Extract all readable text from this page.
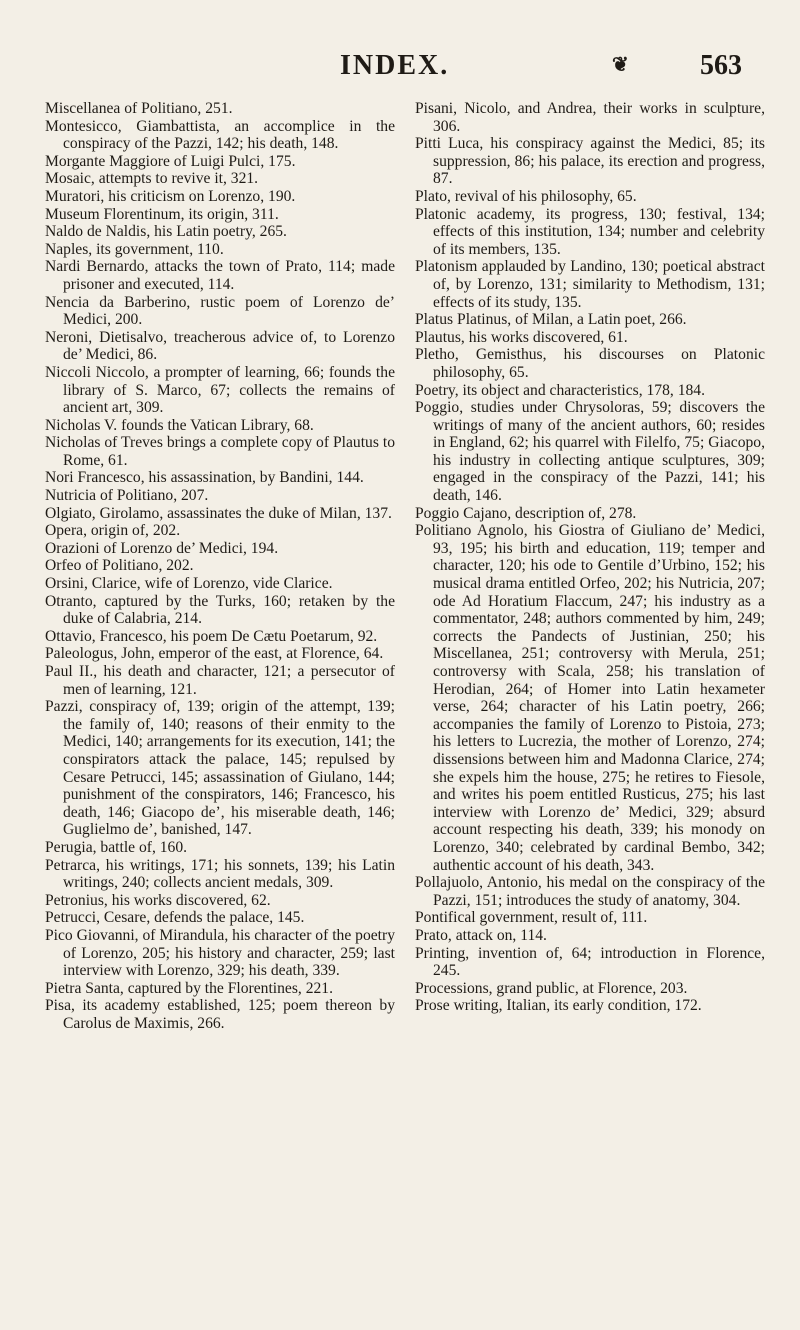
INDEX.	❦	563

Miscellanea of Politiano, 251.

Montesicco, Giambattista, an accomplice in the conspiracy of the Pazzi, 142; his death, 148.

Morgante Maggiore of Luigi Pulci, 175.

Mosaic, attempts to revive it, 321.

Muratori, his criticism on Lorenzo, 190.

Museum Florentinum, its origin, 311.

Naldo de Naldis, his Latin poetry, 265.

Naples, its government, 110.

Nardi Bernardo, attacks the town of Prato, 114; made prisoner and executed, 114.

Nencia da Barberino, rustic poem of Lorenzo de’ Medici, 200.

Neroni, Dietisalvo, treacherous advice of, to Lorenzo de’ Medici, 86.

Niccoli Niccolo, a prompter of learning, 66; founds the library of S. Marco, 67; collects the remains of ancient art, 309.

Nicholas V. founds the Vatican Library, 68.

Nicholas of Treves brings a complete copy of Plautus to Rome, 61.

Nori Francesco, his assassination, by Bandini, 144.

Nutricia of Politiano, 207.

Olgiato, Girolamo, assassinates the duke of Milan, 137.

Opera, origin of, 202.

Orazioni of Lorenzo de’ Medici, 194.

Orfeo of Politiano, 202.

Orsini, Clarice, wife of Lorenzo, vide Clarice.

Otranto, captured by the Turks, 160; retaken by the duke of Calabria, 214.

Ottavio, Francesco, his poem De Cætu Poetarum, 92.

Paleologus, John, emperor of the east, at Florence, 64.

Paul II., his death and character, 121; a persecutor of men of learning, 121.

Pazzi, conspiracy of, 139; origin of the attempt, 139; the family of, 140; reasons of their enmity to the Medici, 140; arrangements for its execution, 141; the conspirators attack the palace, 145; repulsed by Cesare Petrucci, 145; assassination of Giulano, 144; punishment of the conspirators, 146; Francesco, his death, 146; Giacopo de’, his miserable death, 146; Guglielmo de’, banished, 147.

Perugia, battle of, 160.

Petrarca, his writings, 171; his sonnets, 139; his Latin writings, 240; collects ancient medals, 309.

Petronius, his works discovered, 62.

Petrucci, Cesare, defends the palace, 145.

Pico Giovanni, of Mirandula, his character of the poetry of Lorenzo, 205; his history and character, 259; last interview with Lorenzo, 329; his death, 339.

Pietra Santa, captured by the Florentines, 221.

Pisa, its academy established, 125; poem thereon by Carolus de Maximis, 266.

Pisani, Nicolo, and Andrea, their works in sculpture, 306.

Pitti Luca, his conspiracy against the Medici, 85; its suppression, 86; his palace, its erection and progress, 87.

Plato, revival of his philosophy, 65.

Platonic academy, its progress, 130; festival, 134; effects of this institution, 134; number and celebrity of its members, 135.

Platonism applauded by Landino, 130; poetical abstract of, by Lorenzo, 131; similarity to Methodism, 131; effects of its study, 135.

Platus Platinus, of Milan, a Latin poet, 266.

Plautus, his works discovered, 61.

Pletho, Gemisthus, his discourses on Platonic philosophy, 65.

Poetry, its object and characteristics, 178, 184.

Poggio, studies under Chrysoloras, 59; discovers the writings of many of the ancient authors, 60; resides in England, 62; his quarrel with Filelfo, 75; Giacopo, his industry in collecting antique sculptures, 309; engaged in the conspiracy of the Pazzi, 141; his death, 146.

Poggio Cajano, description of, 278.

Politiano Agnolo, his Giostra of Giuliano de’ Medici, 93, 195; his birth and education, 119; temper and character, 120; his ode to Gentile d’Urbino, 152; his musical drama entitled Orfeo, 202; his Nutricia, 207; ode Ad Horatium Flaccum, 247; his industry as a commentator, 248; authors commented by him, 249; corrects the Pandects of Justinian, 250; his Miscellanea, 251; controversy with Merula, 251; controversy with Scala, 258; his translation of Herodian, 264; of Homer into Latin hexameter verse, 264; character of his Latin poetry, 266; accompanies the family of Lorenzo to Pistoia, 273; his letters to Lucrezia, the mother of Lorenzo, 274; dissensions between him and Madonna Clarice, 274; she expels him the house, 275; he retires to Fiesole, and writes his poem entitled Rusticus, 275; his last interview with Lorenzo de’ Medici, 329; absurd account respecting his death, 339; his monody on Lorenzo, 340; celebrated by cardinal Bembo, 342; authentic account of his death, 343.

Pollajuolo, Antonio, his medal on the conspiracy of the Pazzi, 151; introduces the study of anatomy, 304.

Pontifical government, result of, 111.

Prato, attack on, 114.

Printing, invention of, 64; introduction in Florence, 245.

Processions, grand public, at Florence, 203.

Prose writing, Italian, its early condition, 172.
